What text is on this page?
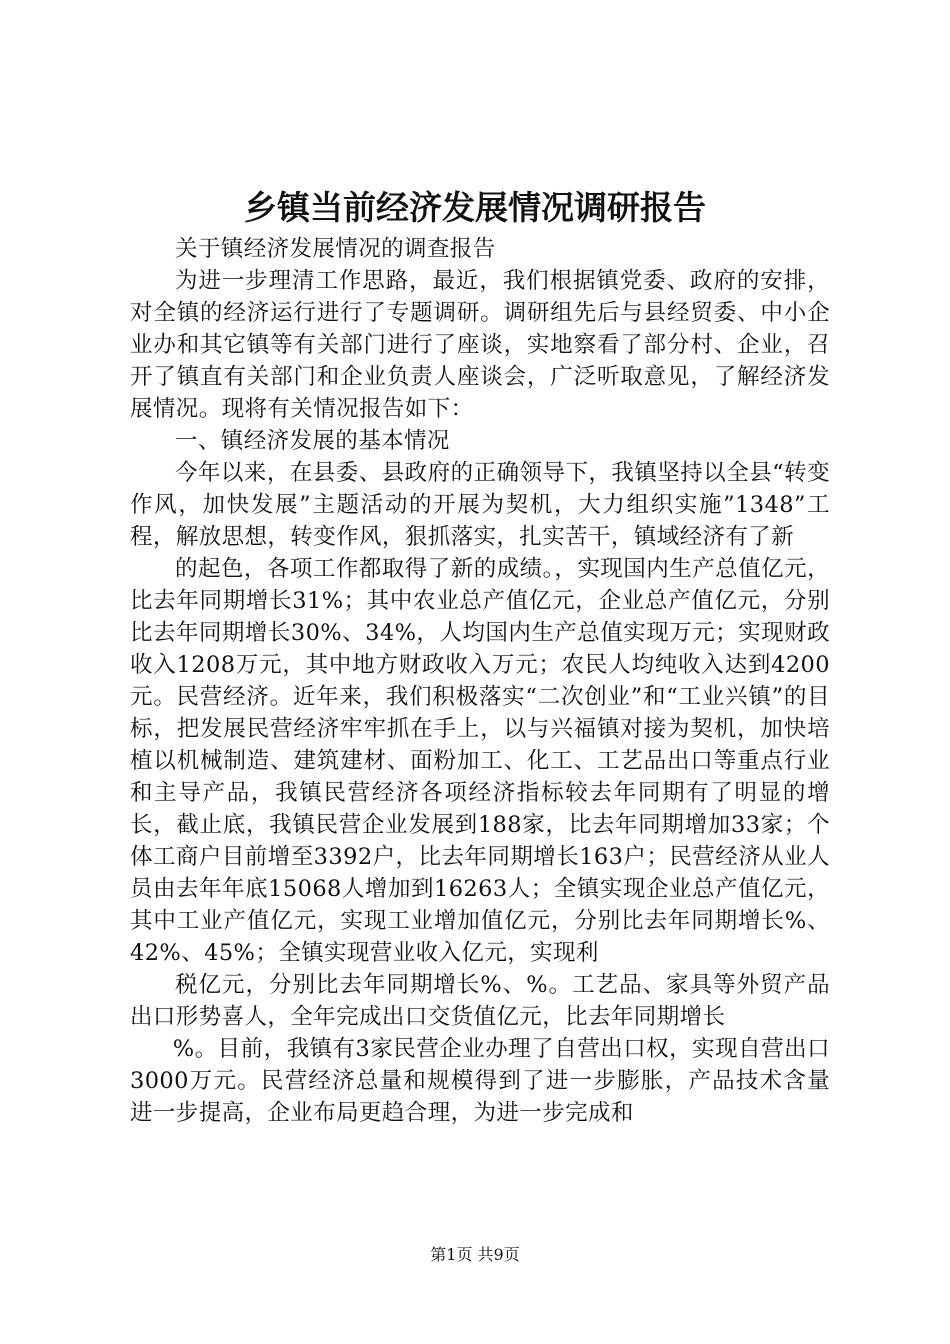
乡镇当前经济发展情况调研报告

关于镇经济发展情况的调查报告

为进一步理清工作思路，最近，我们根据镇党委、政府的安排，对全镇的经济运行进行了专题调研。调研组先后与县经贸委、中小企业办和其它镇等有关部门进行了座谈，实地察看了部分村、企业，召开了镇直有关部门和企业负责人座谈会，广泛听取意见，了解经济发展情况。现将有关情况报告如下：

一、镇经济发展的基本情况

今年以来，在县委、县政府的正确领导下，我镇坚持以全县“转变作风，加快发展”主题活动的开展为契机，大力组织实施”1348”工程，解放思想，转变作风，狠抓落实，扎实苦干，镇域经济有了新

的起色，各项工作都取得了新的成绩。，实现国内生产总值亿元，比去年同期增长31%；其中农业总产值亿元，企业总产值亿元，分别比去年同期增长30%、34%，人均国内生产总值实现万元；实现财政收入1208万元，其中地方财政收入万元；农民人均纯收入达到4200元。民营经济。近年来，我们积极落实“二次创业”和“工业兴镇”的目标，把发展民营经济牢牢抓在手上，以与兴福镇对接为契机，加快培植以机械制造、建筑建材、面粉加工、化工、工艺品出口等重点行业和主导产品，我镇民营经济各项经济指标较去年同期有了明显的增长，截止底，我镇民营企业发展到188家，比去年同期增加33家；个体工商户目前增至3392户，比去年同期增长163户；民营经济从业人员由去年年底15068人增加到16263人；全镇实现企业总产值亿元，其中工业产值亿元，实现工业增加值亿元，分别比去年同期增长%、42%、45%；全镇实现营业收入亿元，实现利

税亿元，分别比去年同期增长%、%。工艺品、家具等外贸产品出口形势喜人，全年完成出口交货值亿元，比去年同期增长

%。目前，我镇有3家民营企业办理了自营出口权，实现自营出口3000万元。民营经济总量和规模得到了进一步膨胀，产品技术含量进一步提高，企业布局更趋合理，为进一步完成和

第1页 共9页
